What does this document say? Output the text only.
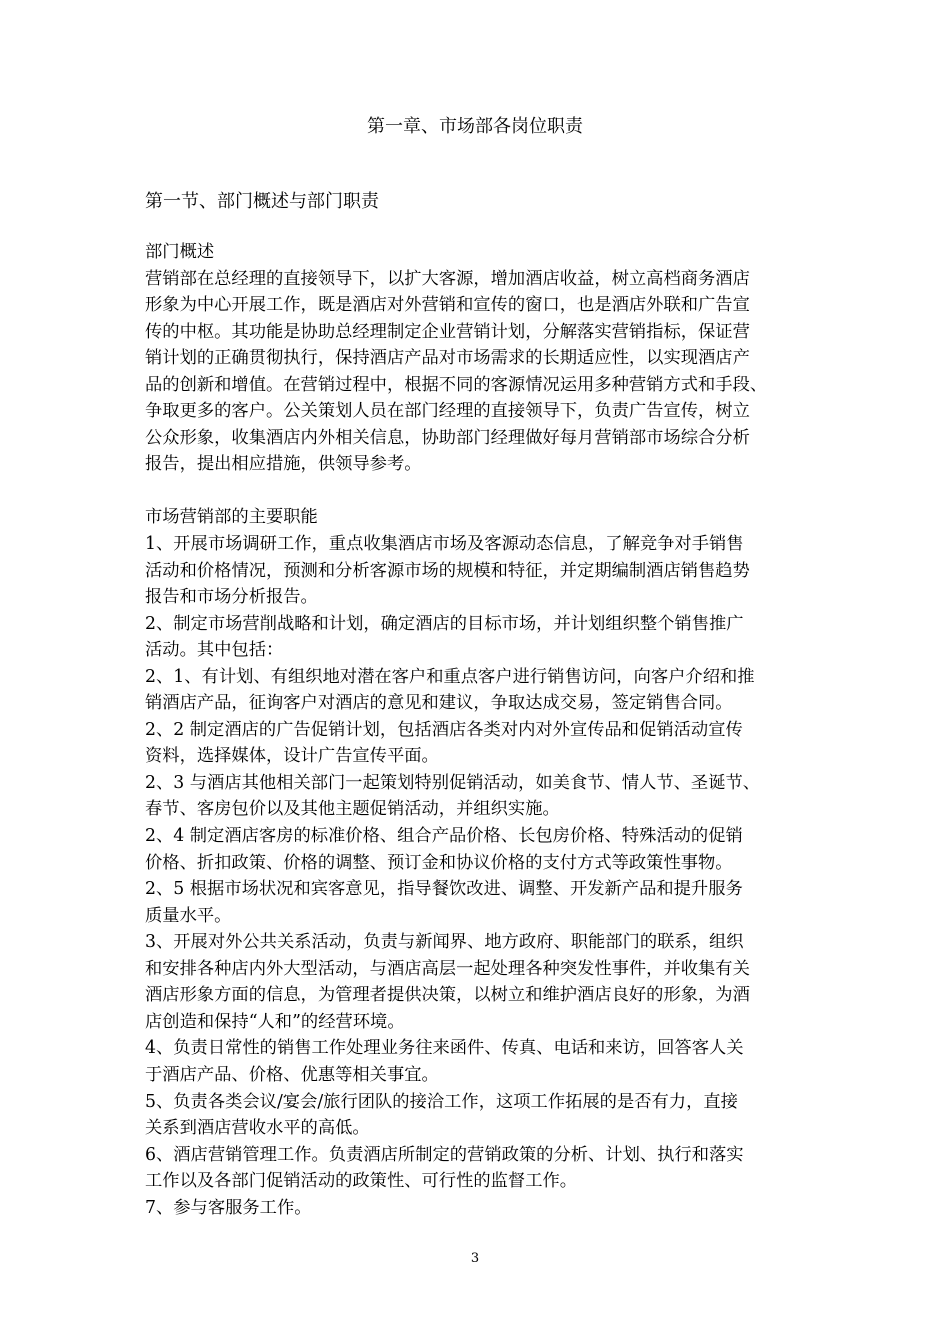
第一章、市场部各岗位职责
第一节、部门概述与部门职责
部门概述
营销部在总经理的直接领导下，以扩大客源，增加酒店收益，树立高档商务酒店
形象为中心开展工作，既是酒店对外营销和宣传的窗口，也是酒店外联和广告宣
传的中枢。其功能是协助总经理制定企业营销计划，分解落实营销指标，保证营
销计划的正确贯彻执行，保持酒店产品对市场需求的长期适应性，以实现酒店产
品的创新和增值。在营销过程中，根据不同的客源情况运用多种营销方式和手段、
争取更多的客户。公关策划人员在部门经理的直接领导下，负责广告宣传，树立
公众形象，收集酒店内外相关信息，协助部门经理做好每月营销部市场综合分析
报告，提出相应措施，供领导参考。
市场营销部的主要职能
1、开展市场调研工作，重点收集酒店市场及客源动态信息，了解竞争对手销售
活动和价格情况，预测和分析客源市场的规模和特征，并定期编制酒店销售趋势
报告和市场分析报告。
2、制定市场营削战略和计划，确定酒店的目标市场，并计划组织整个销售推广
活动。其中包括：
2、1、有计划、有组织地对潜在客户和重点客户进行销售访问，向客户介绍和推
销酒店产品，征询客户对酒店的意见和建议，争取达成交易，签定销售合同。
2、2 制定酒店的广告促销计划，包括酒店各类对内对外宣传品和促销活动宣传
资料，选择媒体，设计广告宣传平面。
2、3 与酒店其他相关部门一起策划特别促销活动，如美食节、情人节、圣诞节、
春节、客房包价以及其他主题促销活动，并组织实施。
2、4 制定酒店客房的标准价格、组合产品价格、长包房价格、特殊活动的促销
价格、折扣政策、价格的调整、预订金和协议价格的支付方式等政策性事物。
2、5 根据市场状况和宾客意见，指导餐饮改进、调整、开发新产品和提升服务
质量水平。
3、开展对外公共关系活动，负责与新闻界、地方政府、职能部门的联系，组织
和安排各种店内外大型活动，与酒店高层一起处理各种突发性事件，并收集有关
酒店形象方面的信息，为管理者提供决策，以树立和维护酒店良好的形象，为酒
店创造和保持“人和”的经营环境。
4、负责日常性的销售工作处理业务往来函件、传真、电话和来访，回答客人关
于酒店产品、价格、优惠等相关事宜。
5、负责各类会议/宴会/旅行团队的接洽工作，这项工作拓展的是否有力，直接
关系到酒店营收水平的高低。
6、酒店营销管理工作。负责酒店所制定的营销政策的分析、计划、执行和落实
工作以及各部门促销活动的政策性、可行性的监督工作。
7、参与客服务工作。
3
